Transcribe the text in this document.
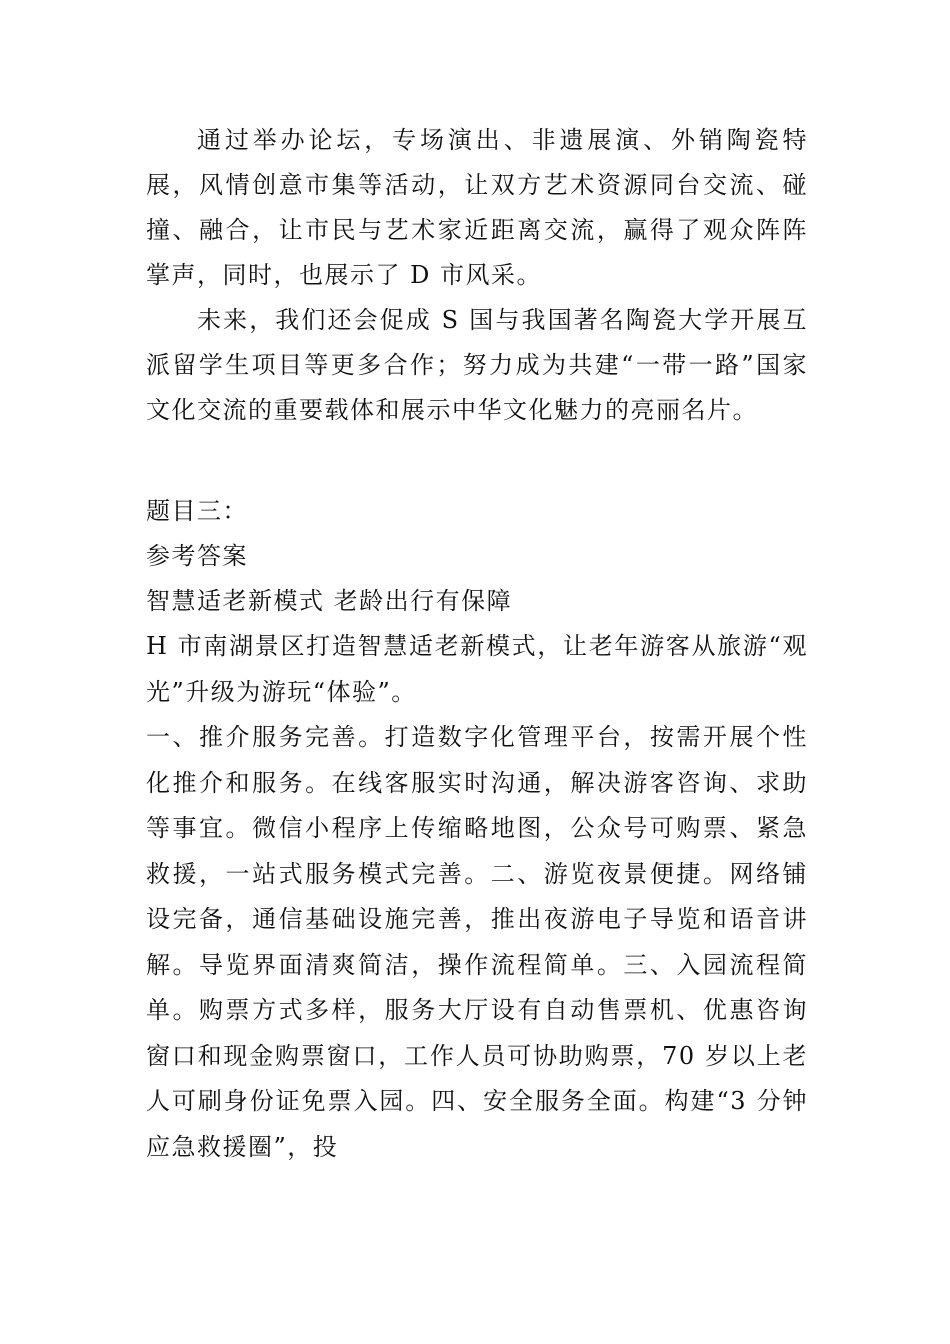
通过举办论坛，专场演出、非遗展演、外销陶瓷特展，风情创意市集等活动，让双方艺术资源同台交流、碰撞、融合，让市民与艺术家近距离交流，赢得了观众阵阵掌声，同时，也展示了 D 市风采。

未来，我们还会促成 S 国与我国著名陶瓷大学开展互派留学生项目等更多合作；努力成为共建“一带一路”国家文化交流的重要载体和展示中华文化魅力的亮丽名片。

题目三：

参考答案

智慧适老新模式 老龄出行有保障

H 市南湖景区打造智慧适老新模式，让老年游客从旅游“观光”升级为游玩“体验”。

一、推介服务完善。打造数字化管理平台，按需开展个性化推介和服务。在线客服实时沟通，解决游客咨询、求助等事宜。微信小程序上传缩略地图，公众号可购票、紧急救援，一站式服务模式完善。二、游览夜景便捷。网络铺设完备，通信基础设施完善，推出夜游电子导览和语音讲解。导览界面清爽简洁，操作流程简单。三、入园流程简单。购票方式多样，服务大厅设有自动售票机、优惠咨询窗口和现金购票窗口，工作人员可协助购票，70 岁以上老人可刷身份证免票入园。四、安全服务全面。构建“3 分钟应急救援圈”，投
